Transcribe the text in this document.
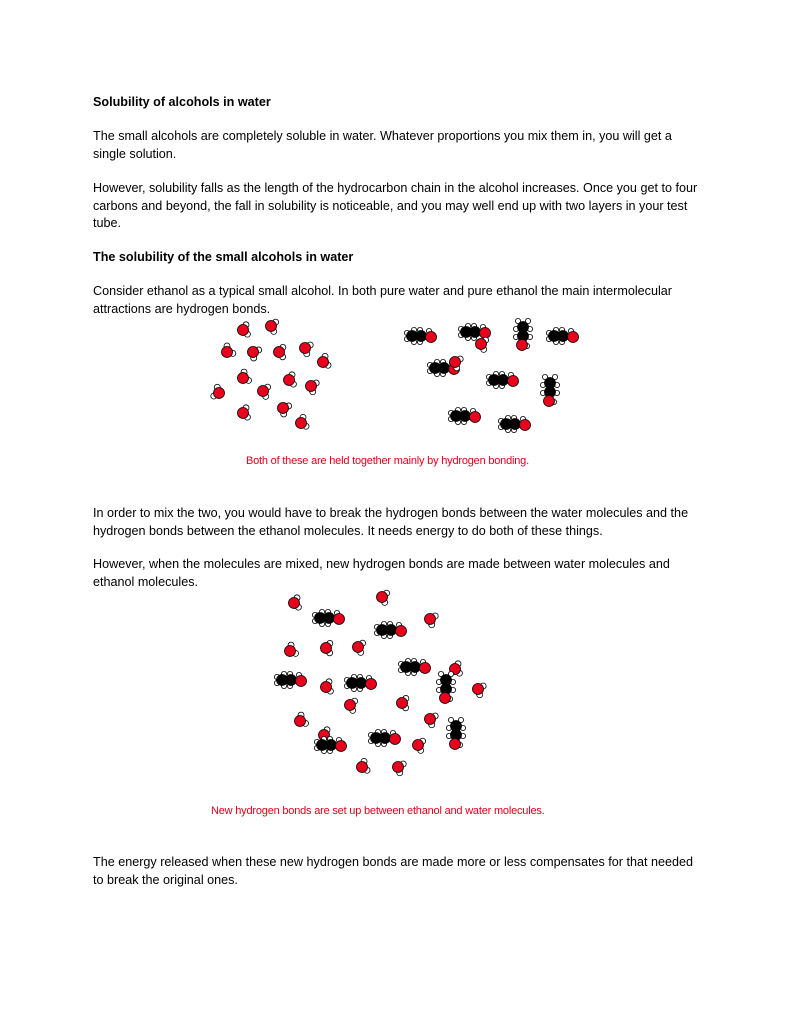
Solubility of alcohols in water
The small alcohols are completely soluble in water. Whatever proportions you mix them in, you will get a single solution.
However, solubility falls as the length of the hydrocarbon chain in the alcohol increases. Once you get to four carbons and beyond, the fall in solubility is noticeable, and you may well end up with two layers in your test tube.
The solubility of the small alcohols in water
Consider ethanol as a typical small alcohol. In both pure water and pure ethanol the main intermolecular attractions are hydrogen bonds.
Both of these are held together mainly by hydrogen bonding.
In order to mix the two, you would have to break the hydrogen bonds between the water molecules and the hydrogen bonds between the ethanol molecules. It needs energy to do both of these things.
However, when the molecules are mixed, new hydrogen bonds are made between water molecules and ethanol molecules.
New hydrogen bonds are set up between ethanol and water molecules.
The energy released when these new hydrogen bonds are made more or less compensates for that needed to break the original ones.
